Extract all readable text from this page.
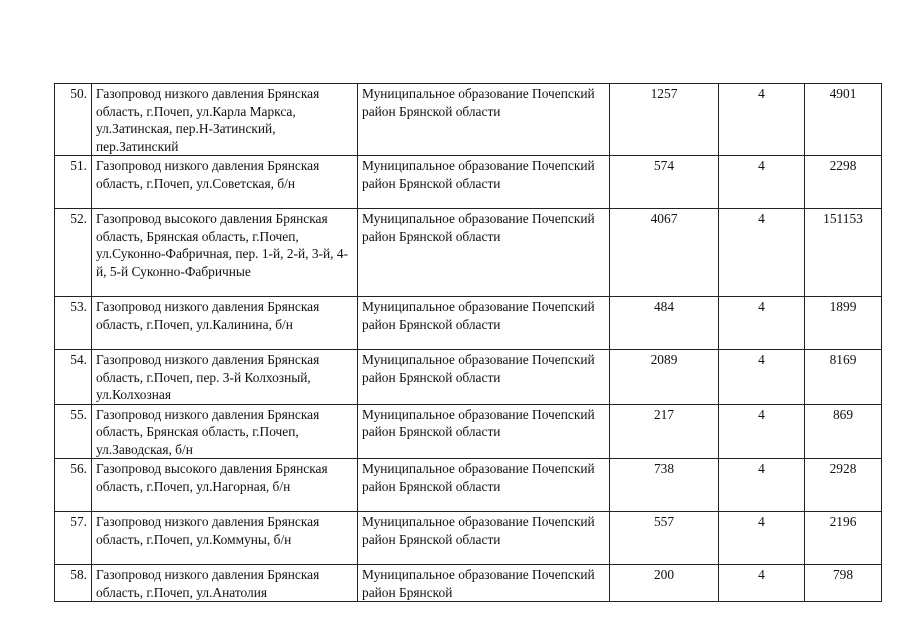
50.	Газопровод низкого давления Брянская область, г.Почеп, ул.Карла Маркса, ул.Затинская, пер.Н-Затинский, пер.Затинский	Муниципальное образование Почепский район Брянской области	1257	4	4901
51.	Газопровод низкого давления Брянская область, г.Почеп, ул.Советская, б/н	Муниципальное образование Почепский район Брянской области	574	4	2298
52.	Газопровод высокого давления Брянская область, Брянская область, г.Почеп, ул.Суконно-Фабричная, пер. 1-й, 2-й, 3-й, 4-й, 5-й Суконно-Фабричные	Муниципальное образование Почепский район Брянской области	4067	4	151153
53.	Газопровод низкого давления Брянская область, г.Почеп, ул.Калинина, б/н	Муниципальное образование Почепский район Брянской области	484	4	1899
54.	Газопровод низкого давления Брянская область, г.Почеп, пер. 3-й Колхозный, ул.Колхозная	Муниципальное образование Почепский район Брянской области	2089	4	8169
55.	Газопровод низкого давления Брянская область, Брянская область, г.Почеп, ул.Заводская, б/н	Муниципальное образование Почепский район Брянской области	217	4	869
56.	Газопровод высокого давления Брянская область, г.Почеп, ул.Нагорная, б/н	Муниципальное образование Почепский район Брянской области	738	4	2928
57.	Газопровод низкого давления Брянская область, г.Почеп, ул.Коммуны, б/н	Муниципальное образование Почепский район Брянской области	557	4	2196
58.	Газопровод низкого давления Брянская область, г.Почеп, ул.Анатолия	Муниципальное образование Почепский район Брянской	200	4	798
